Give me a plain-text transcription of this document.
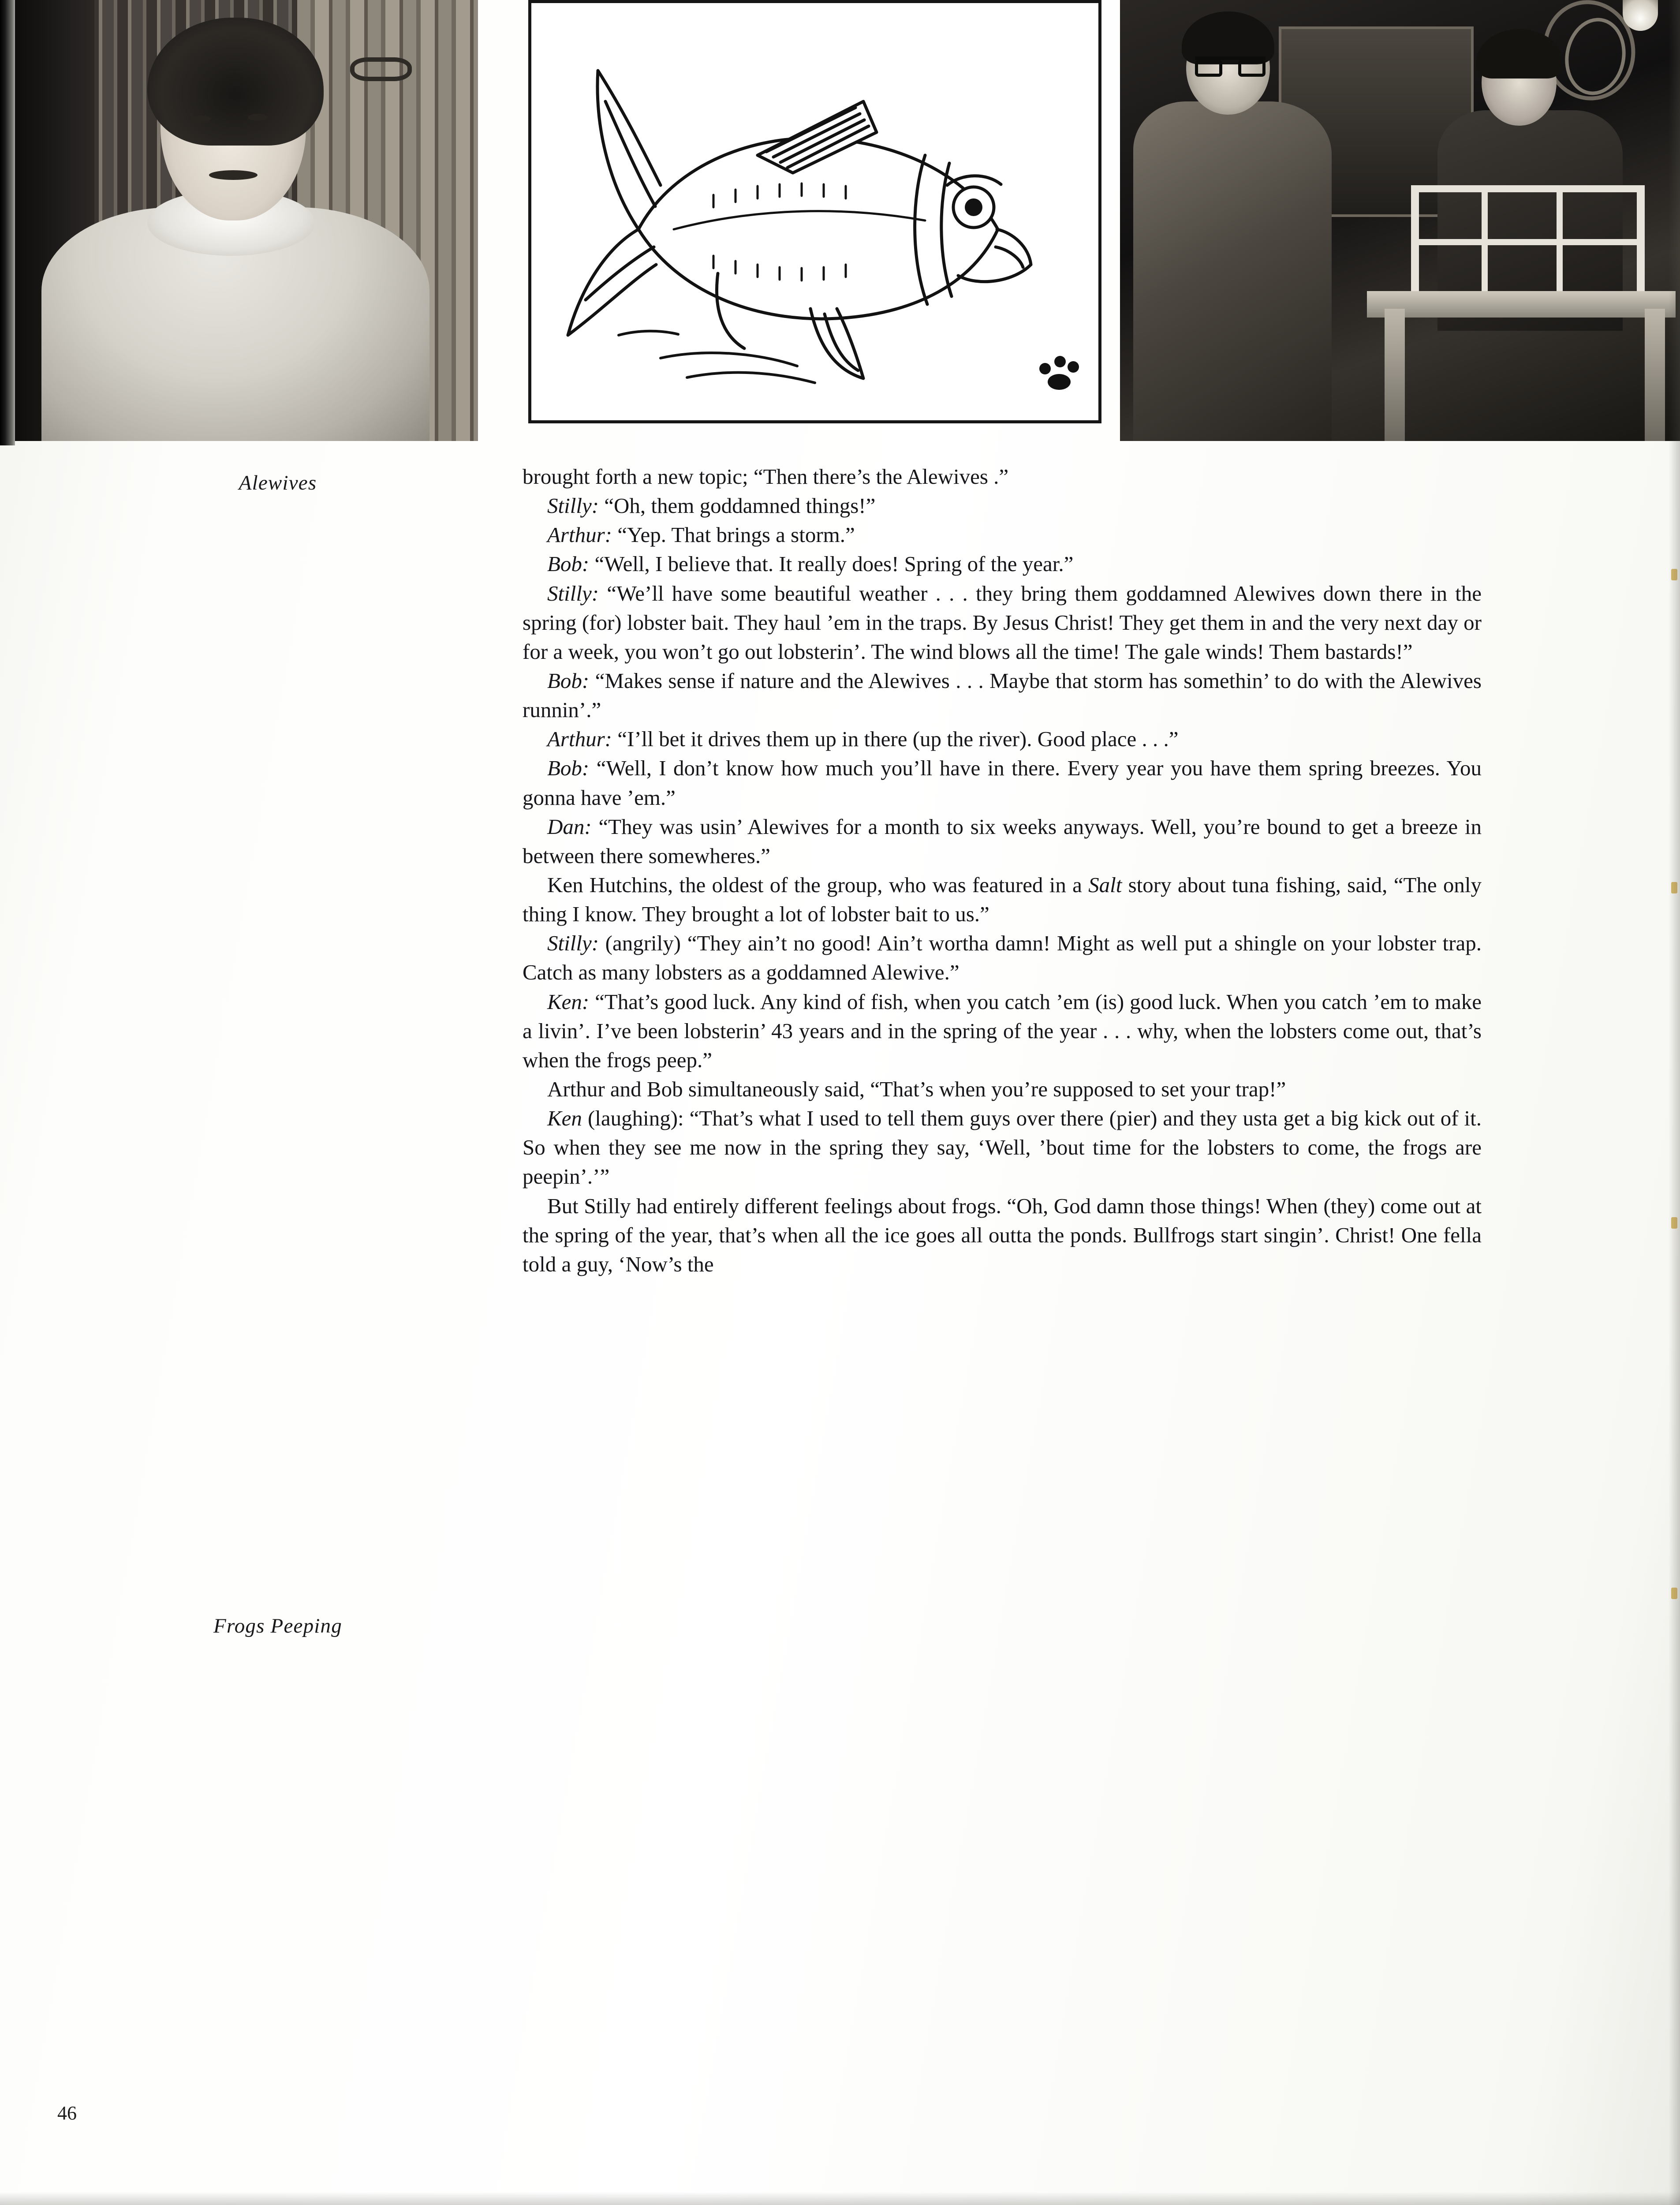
Alewives
Frogs Peeping

brought forth a new topic; “Then there’s the Alewives .”

Stilly: “Oh, them goddamned things!”

Arthur: “Yep. That brings a storm.”

Bob: “Well, I believe that. It really does! Spring of the year.”

Stilly: “We’ll have some beautiful weather . . . they bring them goddamned Alewives down there in the spring (for) lobster bait. They haul ’em in the traps. By Jesus Christ! They get them in and the very next day or for a week, you won’t go out lobsterin’. The wind blows all the time! The gale winds! Them bastards!”

Bob: “Makes sense if nature and the Alewives . . . Maybe that storm has somethin’ to do with the Alewives runnin’.”

Arthur: “I’ll bet it drives them up in there (up the river). Good place . . .”

Bob: “Well, I don’t know how much you’ll have in there. Every year you have them spring breezes. You gonna have ’em.”

Dan: “They was usin’ Alewives for a month to six weeks anyways. Well, you’re bound to get a breeze in between there somewheres.”

Ken Hutchins, the oldest of the group, who was featured in a Salt story about tuna fishing, said, “The only thing I know. They brought a lot of lobster bait to us.”

Stilly: (angrily) “They ain’t no good! Ain’t wortha damn! Might as well put a shingle on your lobster trap. Catch as many lobsters as a goddamned Alewive.”

Ken: “That’s good luck. Any kind of fish, when you catch ’em (is) good luck. When you catch ’em to make a livin’. I’ve been lobsterin’ 43 years and in the spring of the year . . . why, when the lobsters come out, that’s when the frogs peep.”

Arthur and Bob simultaneously said, “That’s when you’re supposed to set your trap!”

Ken (laughing): “That’s what I used to tell them guys over there (pier) and they usta get a big kick out of it. So when they see me now in the spring they say, ‘Well, ’bout time for the lobsters to come, the frogs are peepin’.’”

But Stilly had entirely different feelings about frogs. “Oh, God damn those things! When (they) come out at the spring of the year, that’s when all the ice goes all outta the ponds. Bullfrogs start singin’. Christ! One fella told a guy, ‘Now’s the

46
